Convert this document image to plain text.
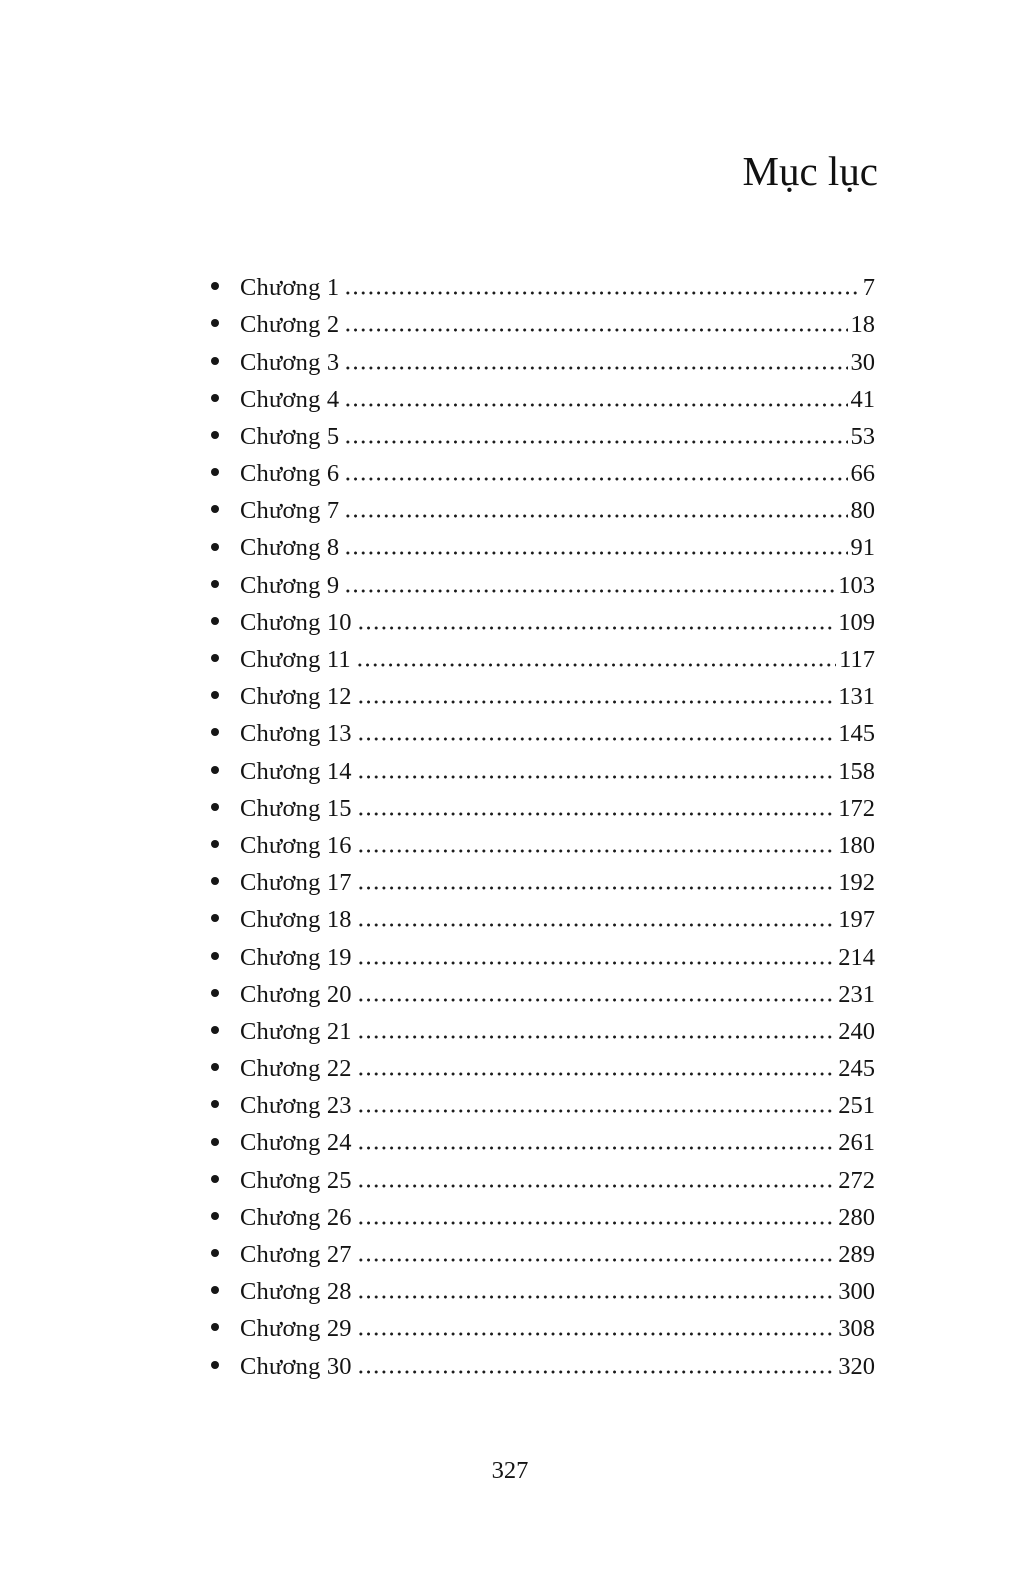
Mục lục
Chương 1	7
Chương 2	18
Chương 3	30
Chương 4	41
Chương 5	53
Chương 6	66
Chương 7	80
Chương 8	91
Chương 9	103
Chương 10	109
Chương 11	117
Chương 12	131
Chương 13	145
Chương 14	158
Chương 15	172
Chương 16	180
Chương 17	192
Chương 18	197
Chương 19	214
Chương 20	231
Chương 21	240
Chương 22	245
Chương 23	251
Chương 24	261
Chương 25	272
Chương 26	280
Chương 27	289
Chương 28	300
Chương 29	308
Chương 30	320
327
